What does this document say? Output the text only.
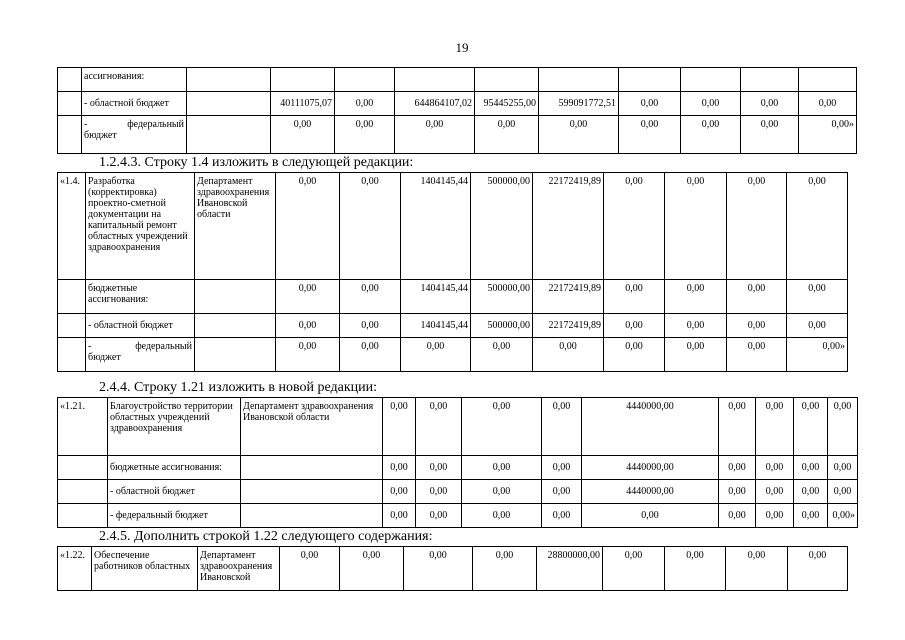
19
	ассигнования:										
	- областной бюджет		40111075,07	0,00	644864107,02	95445255,00	599091772,51	0,00	0,00	0,00	0,00

	- федеральный
бюджет		0,00	0,00	0,00	0,00	0,00	0,00	0,00	0,00	0,00»
1.2.4.3. Строку 1.4 изложить в следующей редакции:
«1.4.	Разработка (корректировка) проектно-сметной документации на капитальный ремонт областных учреждений здравоохранения	Департамент здравоохранения Ивановской области	0,00	0,00	1404145,44	500000,00	22172419,89	0,00	0,00	0,00	0,00
	бюджетные ассигнования:		0,00	0,00	1404145,44	500000,00	22172419,89	0,00	0,00	0,00	0,00
	- областной бюджет		0,00	0,00	1404145,44	500000,00	22172419,89	0,00	0,00	0,00	0,00

	- федеральный
бюджет		0,00	0,00	0,00	0,00	0,00	0,00	0,00	0,00	0,00»
2.4.4. Строку 1.21 изложить в новой редакции:
«1.21.	Благоустройство территории областных учреждений здравоохранения	Департамент здравоохранения Ивановской области	0,00	0,00	0,00	0,00	4440000,00	0,00	0,00	0,00	0,00
	бюджетные ассигнования:		0,00	0,00	0,00	0,00	4440000,00	0,00	0,00	0,00	0,00
	- областной бюджет		0,00	0,00	0,00	0,00	4440000,00	0,00	0,00	0,00	0,00
	- федеральный бюджет		0,00	0,00	0,00	0,00	0,00	0,00	0,00	0,00	0,00»
2.4.5. Дополнить строкой 1.22 следующего содержания:
«1.22.	Обеспечение работников областных	Департамент здравоохранения Ивановской	0,00	0,00	0,00	0,00	28800000,00	0,00	0,00	0,00	0,00
